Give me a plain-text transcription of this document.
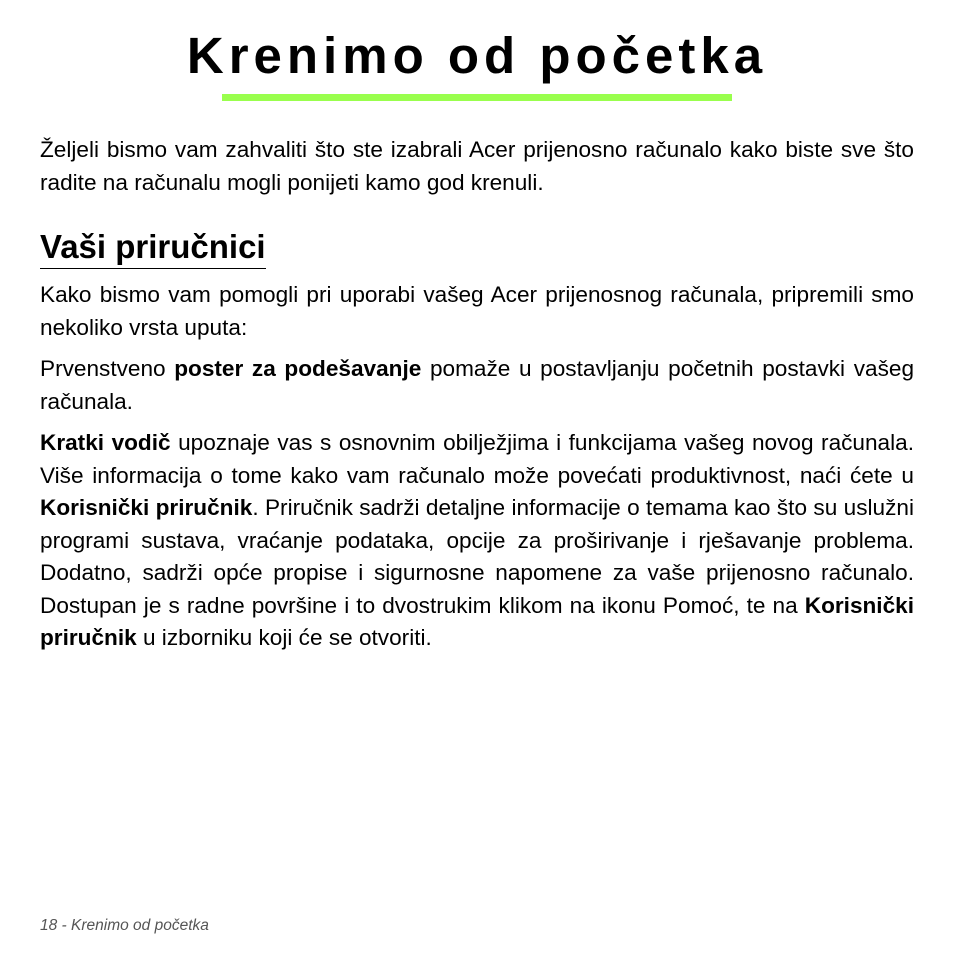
Krenimo od početka

Željeli bismo vam zahvaliti što ste izabrali Acer prijenosno računalo kako biste sve što radite na računalu mogli ponijeti kamo god krenuli.

Vaši priručnici

Kako bismo vam pomogli pri uporabi vašeg Acer prijenosnog računala, pripremili smo nekoliko vrsta uputa:

Prvenstveno poster za podešavanje pomaže u postavljanju početnih postavki vašeg računala.

Kratki vodič upoznaje vas s osnovnim obilježjima i funkcijama vašeg novog računala. Više informacija o tome kako vam računalo može povećati produktivnost, naći ćete u Korisnički priručnik. Priručnik sadrži detaljne informacije o temama kao što su uslužni programi sustava, vraćanje podataka, opcije za proširivanje i rješavanje problema. Dodatno, sadrži opće propise i sigurnosne napomene za vaše prijenosno računalo. Dostupan je s radne površine i to dvostrukim klikom na ikonu Pomoć, te na Korisnički priručnik u izborniku koji će se otvoriti.

18 - Krenimo od početka
